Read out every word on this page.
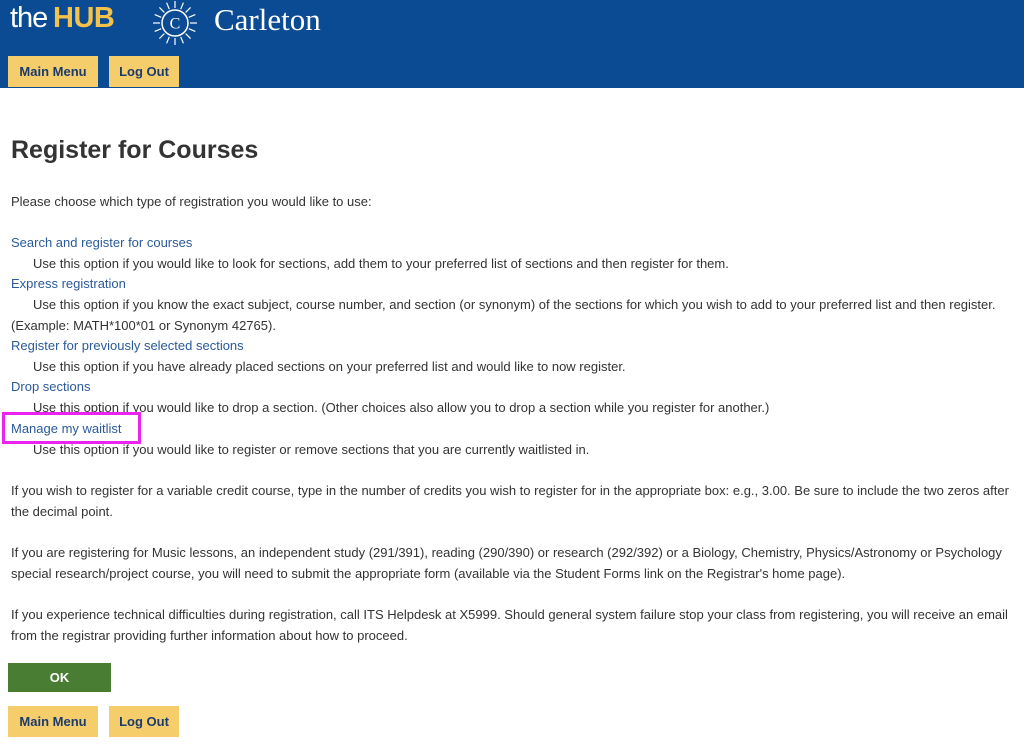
the HUB	C Carleton
Main Menu	Log Out
Register for Courses
Please choose which type of registration you would like to use:
Search and register for courses
Use this option if you would like to look for sections, add them to your preferred list of sections and then register for them.
Express registration
Use this option if you know the exact subject, course number, and section (or synonym) of the sections for which you wish to add to your preferred list and then register. (Example: MATH*100*01 or Synonym 42765).
Register for previously selected sections
Use this option if you have already placed sections on your preferred list and would like to now register.
Drop sections
Use this option if you would like to drop a section. (Other choices also allow you to drop a section while you register for another.)
Manage my waitlist
Use this option if you would like to register or remove sections that you are currently waitlisted in.
If you wish to register for a variable credit course, type in the number of credits you wish to register for in the appropriate box: e.g., 3.00. Be sure to include the two zeros after the decimal point.
If you are registering for Music lessons, an independent study (291/391), reading (290/390) or research (292/392) or a Biology, Chemistry, Physics/Astronomy or Psychology special research/project course, you will need to submit the appropriate form (available via the Student Forms link on the Registrar's home page).
If you experience technical difficulties during registration, call ITS Helpdesk at X5999. Should general system failure stop your class from registering, you will receive an email from the registrar providing further information about how to proceed.
OK
Main Menu	Log Out
